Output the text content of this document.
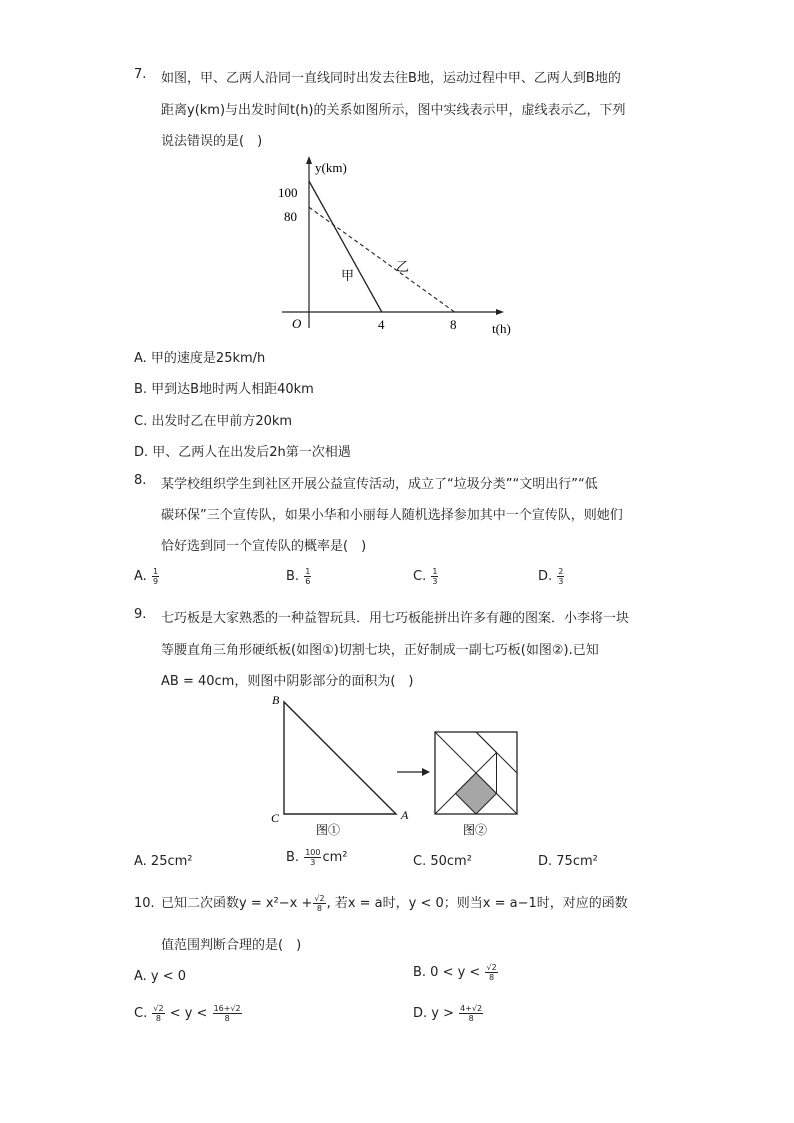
7. 如图，甲、乙两人沿同一直线同时出发去往B地，运动过程中甲、乙两人到B地的
距离y(km)与出发时间t(h)的关系如图所示，图中实线表示甲，虚线表示乙，下列
说法错误的是(　)
y(km)
t(h)
O
100
80
4	8
甲
乙
A. 甲的速度是25km/h
B. 甲到达B地时两人相距40km
C. 出发时乙在甲前方20km
D. 甲、乙两人在出发后2h第一次相遇
8. 某学校组织学生到社区开展公益宣传活动，成立了“垃圾分类”“文明出行”“低
碳环保”三个宣传队，如果小华和小丽每人随机选择参加其中一个宣传队，则她们
恰好选到同一个宣传队的概率是(　)
A. $\frac{1}{9}$	B. $\frac{1}{6}$	C. $\frac{1}{3}$	D. $\frac{2}{3}$
9. 七巧板是大家熟悉的一种益智玩具．用七巧板能拼出许多有趣的图案．小李将一块
等腰直角三角形硬纸板(如图①)切割七块，正好制成一副七巧板(如图②).已知
AB = 40cm，则图中阴影部分的面积为(　)
B
C	A
图①	图②
A. 25cm²	B. $\frac{100}{3} cm^2$	C. 50cm²	D. 75cm²
10. 已知二次函数$y = x^2-x + \frac{√2}{8}$ , 若x = a时，y < 0；则当x = a−1时，对应的函数
值范围判断合理的是(　)
A. y < 0	B. $0 < y < \frac{√2}{8}$
C. $\frac{√2}{8} < y < \frac{16+√2}{8}$	D. $y > \frac{4+√2}{8}$
